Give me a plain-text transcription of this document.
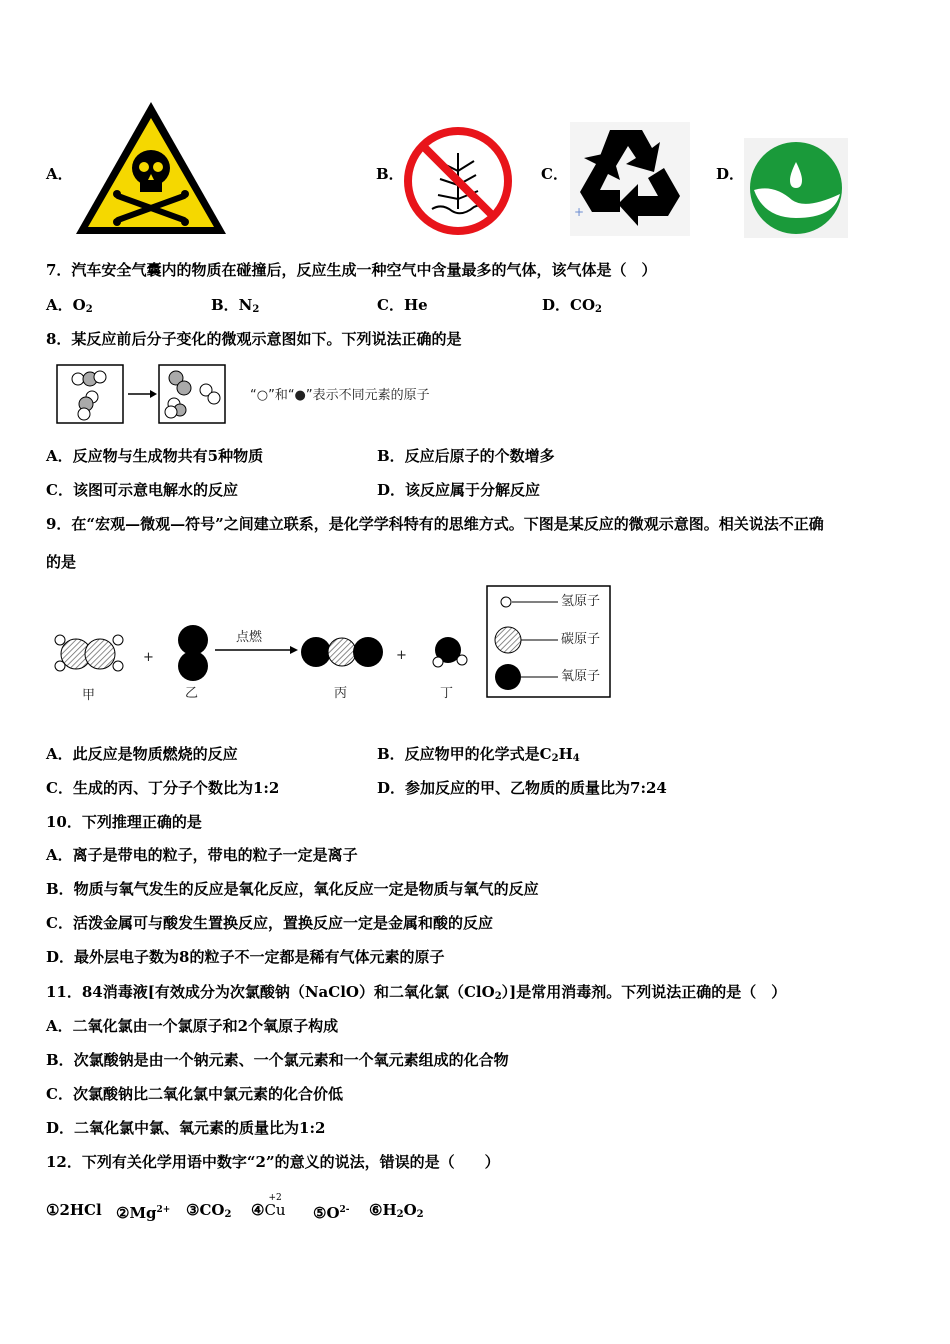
A．	B．	C．
+
D．
7．汽车安全气囊内的物质在碰撞后，反应生成一种空气中含量最多的气体，该气体是（　）
A．$O_2$	B．$N_2$	C．He	D．$CO_2$
8．某反应前后分子变化的微观示意图如下。下列说法正确的是
“○”和“●”表示不同元素的原子
A．反应物与生成物共有5种物质	B．反应后原子的个数增多
C．该图可示意电解水的反应	D．该反应属于分解反应
9．在“宏观—微观—符号”之间建立联系，是化学学科特有的思维方式。下图是某反应的微观示意图。相关说法不正确
的是
+	+
点燃
甲	乙	丙	丁
氢原子
碳原子
氧原子
A．此反应是物质燃烧的反应	B．反应物甲的化学式是$C_2H_4$
C．生成的丙、丁分子个数比为1:2	D．参加反应的甲、乙物质的质量比为7:24
10．下列推理正确的是
A．离子是带电的粒子，带电的粒子一定是离子
B．物质与氧气发生的反应是氧化反应，氧化反应一定是物质与氧气的反应
C．活泼金属可与酸发生置换反应，置换反应一定是金属和酸的反应
D．最外层电子数为8的粒子不一定都是稀有气体元素的原子
11．84消毒液[有效成分为次氯酸钠（NaClO）和二氧化氯（ClO$_2$）]是常用消毒剂。下列说法正确的是（　）
A．二氧化氯由一个氯原子和2个氧原子构成
B．次氯酸钠是由一个钠元素、一个氯元素和一个氧元素组成的化合物
C．次氯酸钠比二氧化氯中氯元素的化合价低
D．二氧化氯中氯、氧元素的质量比为1:2
12．下列有关化学用语中数字“2”的意义的说法，错误的是（　　）
①2HCl $②Mg^{2+}$ $③CO_2$ ④
+2
Cu $⑤O^{2-}$ $⑥H_2O_2$
